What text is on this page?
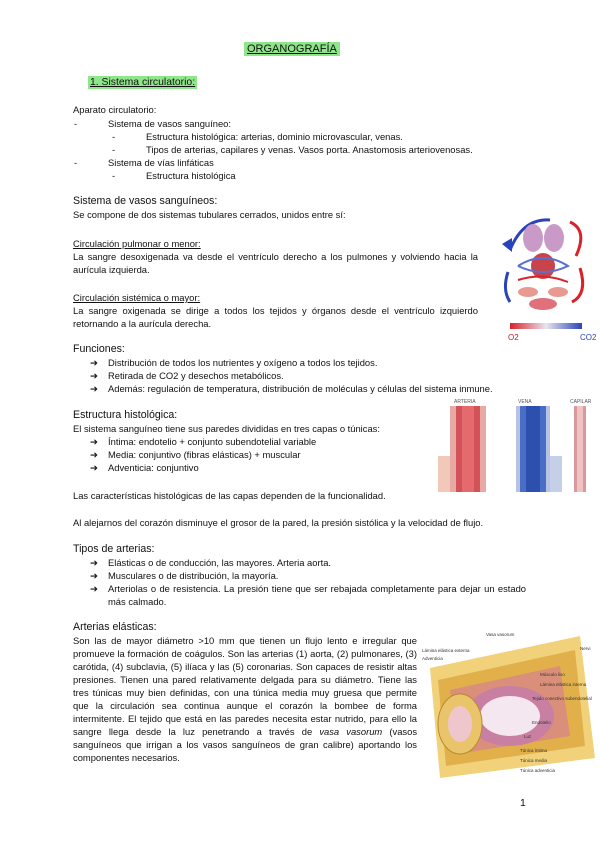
ORGANOGRAFÍA
1. Sistema circulatorio:
Aparato circulatorio:
-	Sistema de vasos sanguíneo:
-	Estructura histológica: arterias, dominio microvascular, venas.
-	Tipos de arterias, capilares y venas. Vasos porta. Anastomosis arteriovenosas.
-	Sistema de vías linfáticas
-	Estructura histológica
Sistema de vasos sanguíneos:
Se compone de dos sistemas tubulares cerrados, unidos entre sí:
Circulación pulmonar o menor:
La sangre desoxigenada va desde el ventrículo derecho a los pulmones y volviendo hacia la aurícula izquierda.
Circulación sistémica o mayor:
La sangre oxigenada se dirige a todos los tejidos y órganos desde el ventrículo izquierdo retornando a la aurícula derecha.
O2	CO2
Funciones:
➔ Distribución de todos los nutrientes y oxígeno a todos los tejidos.
➔ Retirada de CO2 y desechos metabólicos.
➔ Además: regulación de temperatura, distribución de moléculas y células del sistema inmune.
Estructura histológica:
El sistema sanguíneo tiene sus paredes divididas en tres capas o túnicas:
➔ Íntima: endotelio + conjunto subendotelial variable
➔ Media: conjuntivo (fibras elásticas) + muscular
➔ Adventicia: conjuntivo
ARTERIA	VENA	CAPILAR
Las características histológicas de las capas dependen de la funcionalidad.
Al alejarnos del corazón disminuye el grosor de la pared, la presión sistólica y la velocidad de flujo.
Tipos de arterias:
➔ Elásticas o de conducción, las mayores. Arteria aorta.
➔ Musculares o de distribución, la mayoría.
➔ Arteriolas o de resistencia. La presión tiene que ser rebajada completamente para dejar un estado más calmado.
Arterias elásticas:
Son las de mayor diámetro >10 mm que tienen un flujo lento e irregular que promueve la formación de coágulos. Son las arterias (1) aorta, (2) pulmonares, (3) carótida, (4) subclavia, (5) ilíaca y las (5) coronarias. Son capaces de resistir altas presiones. Tienen una pared relativamente delgada para su diámetro. Tiene las tres túnicas muy bien definidas, con una túnica media muy gruesa que permite que la circulación sea continua aunque el corazón la bombee de forma intermitente. El tejido que está en las paredes necesita estar nutrido, para ello la sangre llega desde la luz penetrando a través de vasa vasorum (vasos sanguíneos que irrigan a los vasos sanguíneos de gran calibre) aportando los componentes necesarios.
Vasa vasorum
Lámina elástica externa
Adventicia
Nervi
Músculo liso
Lámina elástica interna
Tejido conectivo subendotelial
Endotelio
Luz
Túnica íntima
Túnica media
Túnica adventicia
1
